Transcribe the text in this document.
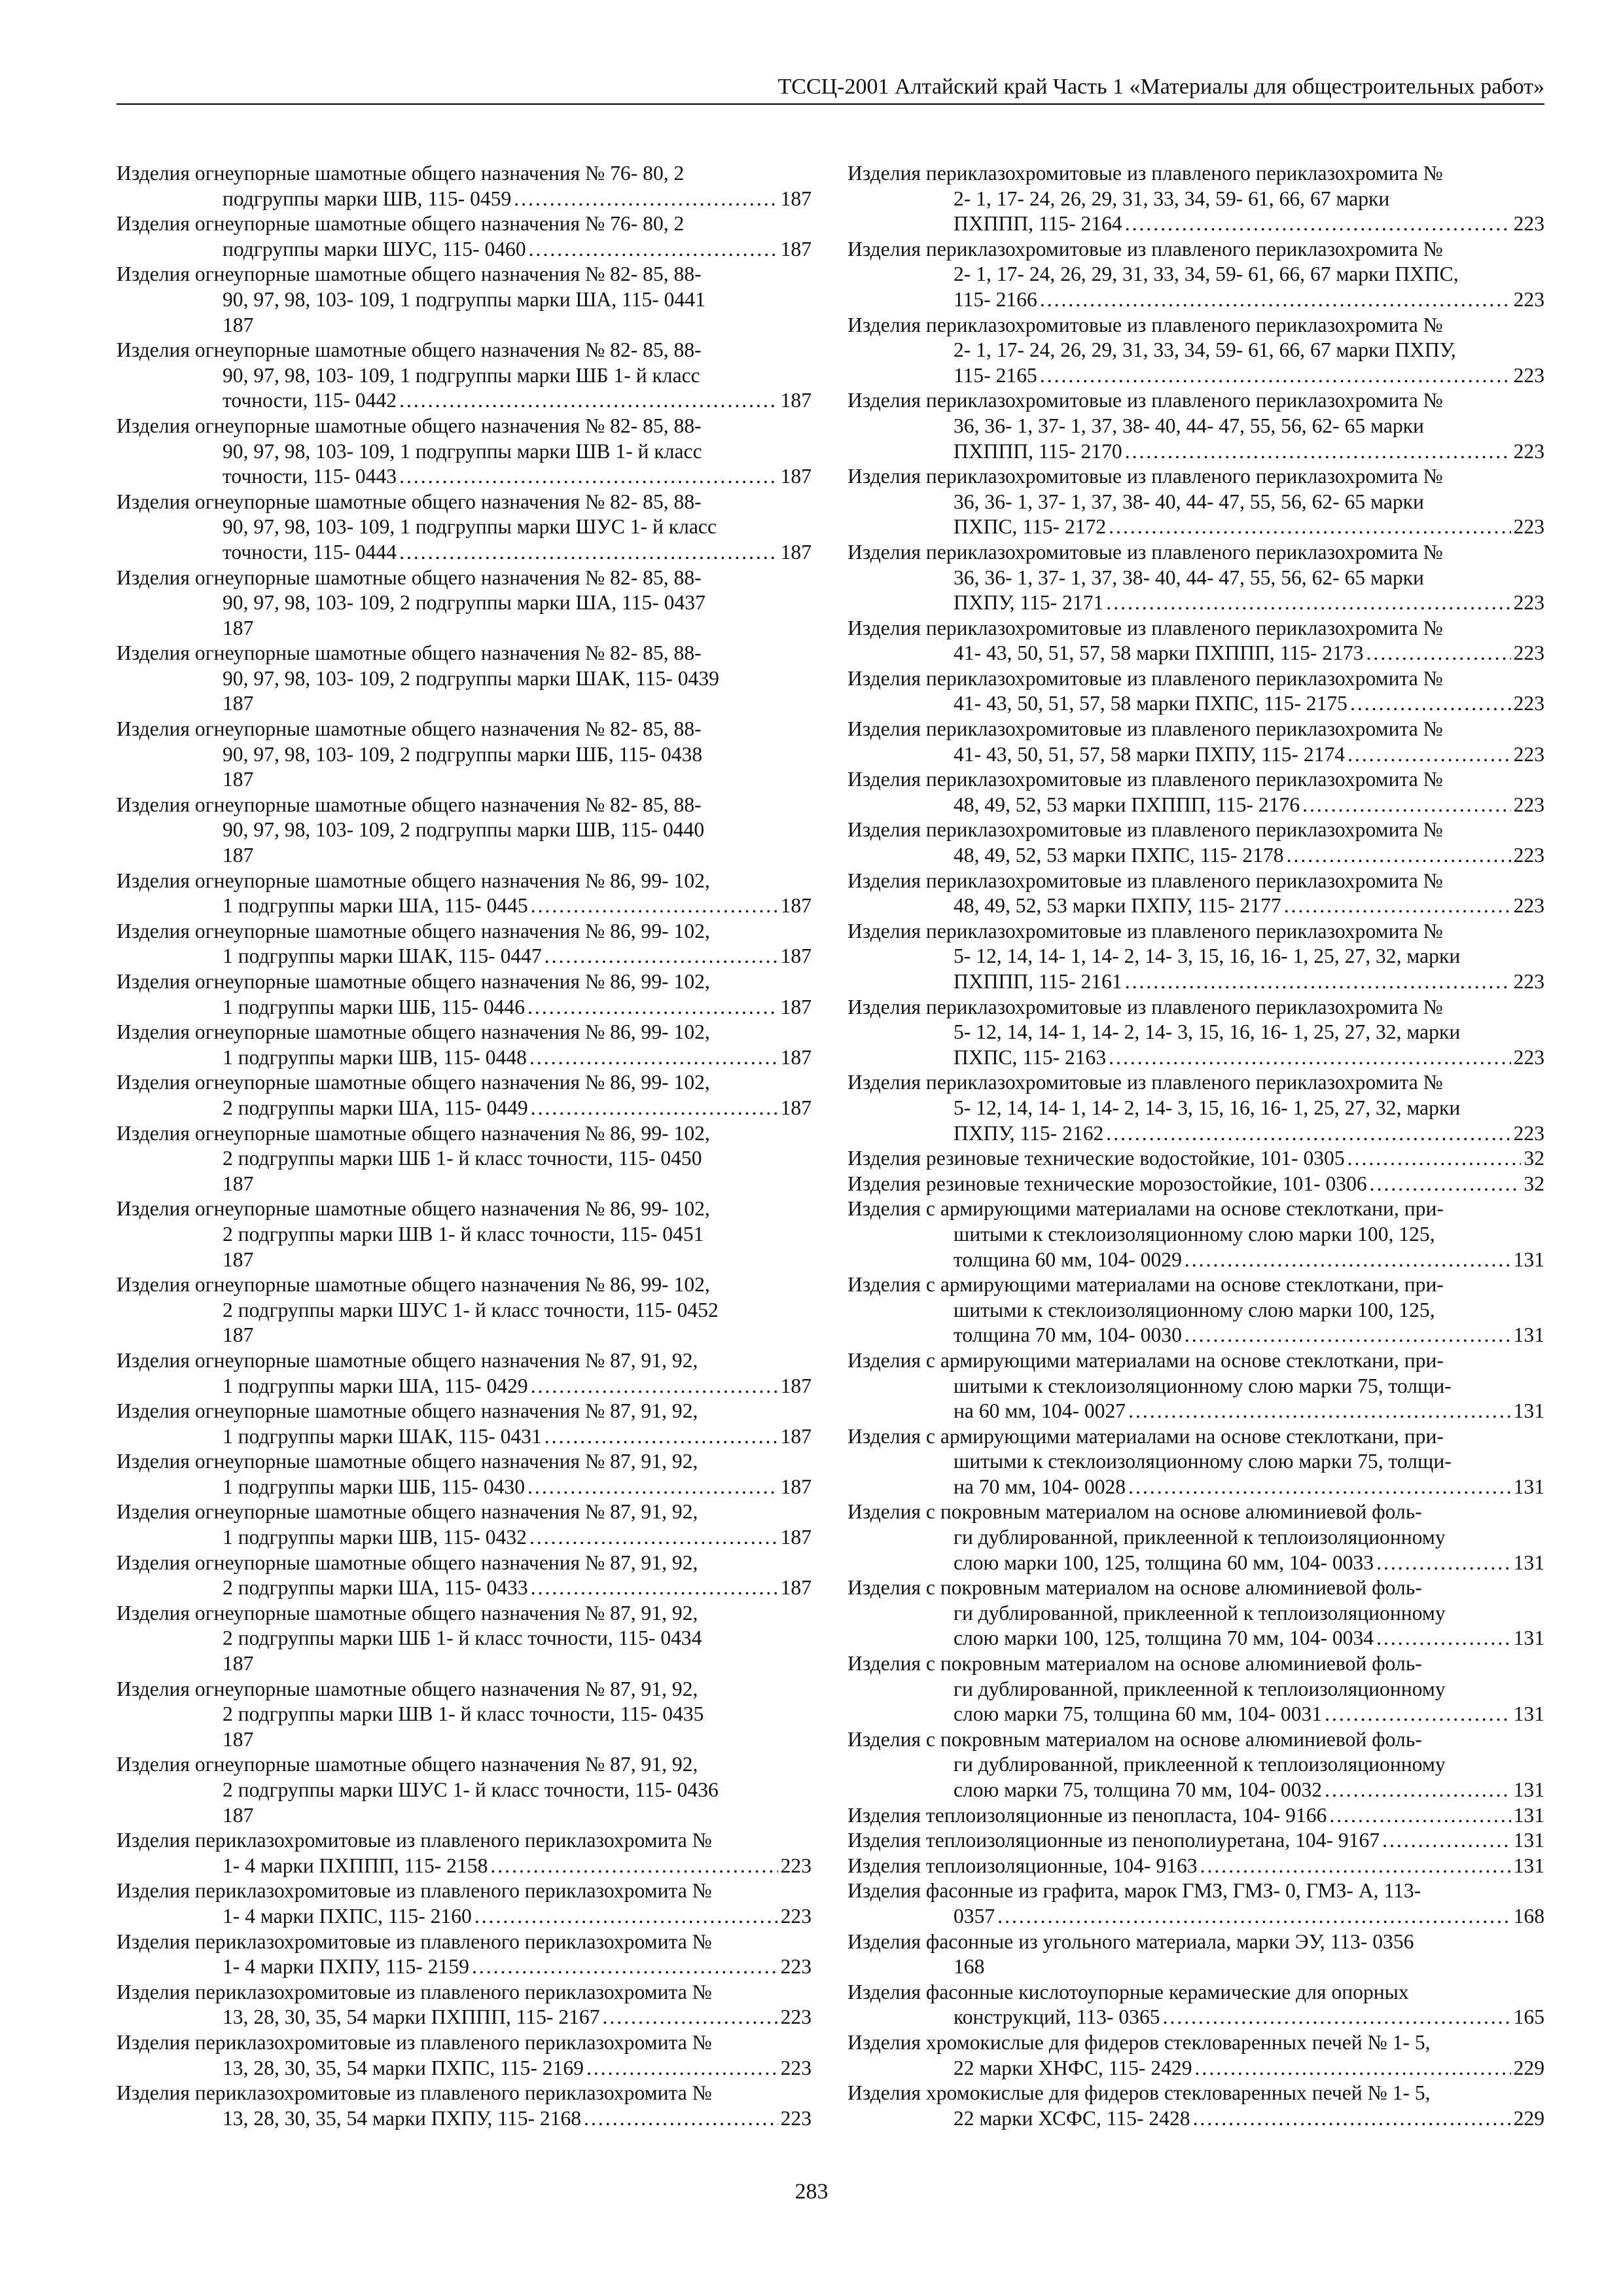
ТССЦ-2001 Алтайский край Часть 1 «Материалы для общестроительных работ»
Изделия огнеупорные шамотные общего назначения № 76- 80, 2
подгруппы марки ШВ, 115- 0459 .....	187
Изделия огнеупорные шамотные общего назначения № 76- 80, 2
подгруппы марки ШУС, 115- 0460 .....	187
Изделия огнеупорные шамотные общего назначения № 82- 85, 88-
90, 97, 98, 103- 109, 1 подгруппы марки ША, 115- 0441
187
Изделия огнеупорные шамотные общего назначения № 82- 85, 88-
90, 97, 98, 103- 109, 1 подгруппы марки ШБ 1- й класс
точности, 115- 0442 .....	187
Изделия огнеупорные шамотные общего назначения № 82- 85, 88-
90, 97, 98, 103- 109, 1 подгруппы марки ШВ 1- й класс
точности, 115- 0443 .....	187
Изделия огнеупорные шамотные общего назначения № 82- 85, 88-
90, 97, 98, 103- 109, 1 подгруппы марки ШУС 1- й класс
точности, 115- 0444 .....	187
Изделия огнеупорные шамотные общего назначения № 82- 85, 88-
90, 97, 98, 103- 109, 2 подгруппы марки ША, 115- 0437
187
Изделия огнеупорные шамотные общего назначения № 82- 85, 88-
90, 97, 98, 103- 109, 2 подгруппы марки ШАК, 115- 0439
187
Изделия огнеупорные шамотные общего назначения № 82- 85, 88-
90, 97, 98, 103- 109, 2 подгруппы марки ШБ, 115- 0438
187
Изделия огнеупорные шамотные общего назначения № 82- 85, 88-
90, 97, 98, 103- 109, 2 подгруппы марки ШВ, 115- 0440
187
Изделия огнеупорные шамотные общего назначения № 86, 99- 102,
1 подгруппы марки ША, 115- 0445 .....	187
Изделия огнеупорные шамотные общего назначения № 86, 99- 102,
1 подгруппы марки ШАК, 115- 0447 .....	187
Изделия огнеупорные шамотные общего назначения № 86, 99- 102,
1 подгруппы марки ШБ, 115- 0446 .....	187
Изделия огнеупорные шамотные общего назначения № 86, 99- 102,
1 подгруппы марки ШВ, 115- 0448 .....	187
Изделия огнеупорные шамотные общего назначения № 86, 99- 102,
2 подгруппы марки ША, 115- 0449 .....	187
Изделия огнеупорные шамотные общего назначения № 86, 99- 102,
2 подгруппы марки ШБ 1- й класс точности, 115- 0450
187
Изделия огнеупорные шамотные общего назначения № 86, 99- 102,
2 подгруппы марки ШВ 1- й класс точности, 115- 0451
187
Изделия огнеупорные шамотные общего назначения № 86, 99- 102,
2 подгруппы марки ШУС 1- й класс точности, 115- 0452
187
Изделия огнеупорные шамотные общего назначения № 87, 91, 92,
1 подгруппы марки ША, 115- 0429 .....	187
Изделия огнеупорные шамотные общего назначения № 87, 91, 92,
1 подгруппы марки ШАК, 115- 0431 .....	187
Изделия огнеупорные шамотные общего назначения № 87, 91, 92,
1 подгруппы марки ШБ, 115- 0430 .....	187
Изделия огнеупорные шамотные общего назначения № 87, 91, 92,
1 подгруппы марки ШВ, 115- 0432 .....	187
Изделия огнеупорные шамотные общего назначения № 87, 91, 92,
2 подгруппы марки ША, 115- 0433 .....	187
Изделия огнеупорные шамотные общего назначения № 87, 91, 92,
2 подгруппы марки ШБ 1- й класс точности, 115- 0434
187
Изделия огнеупорные шамотные общего назначения № 87, 91, 92,
2 подгруппы марки ШВ 1- й класс точности, 115- 0435
187
Изделия огнеупорные шамотные общего назначения № 87, 91, 92,
2 подгруппы марки ШУС 1- й класс точности, 115- 0436
187
Изделия периклазохромитовые из плавленого периклазохромита №
1- 4 марки ПХППП, 115- 2158 .....	223
Изделия периклазохромитовые из плавленого периклазохромита №
1- 4 марки ПХПС, 115- 2160 .....	223
Изделия периклазохромитовые из плавленого периклазохромита №
1- 4 марки ПХПУ, 115- 2159 .....	223
Изделия периклазохромитовые из плавленого периклазохромита №
13, 28, 30, 35, 54 марки ПХППП, 115- 2167 .....	223
Изделия периклазохромитовые из плавленого периклазохромита №
13, 28, 30, 35, 54 марки ПХПС, 115- 2169 .....	223
Изделия периклазохромитовые из плавленого периклазохромита №
13, 28, 30, 35, 54 марки ПХПУ, 115- 2168 .....	223
Изделия периклазохромитовые из плавленого периклазохромита №
2- 1, 17- 24, 26, 29, 31, 33, 34, 59- 61, 66, 67 марки
ПХППП, 115- 2164 .....	223
Изделия периклазохромитовые из плавленого периклазохромита №
2- 1, 17- 24, 26, 29, 31, 33, 34, 59- 61, 66, 67 марки ПХПС,
115- 2166 .....	223
Изделия периклазохромитовые из плавленого периклазохромита №
2- 1, 17- 24, 26, 29, 31, 33, 34, 59- 61, 66, 67 марки ПХПУ,
115- 2165 .....	223
Изделия периклазохромитовые из плавленого периклазохромита №
36, 36- 1, 37- 1, 37, 38- 40, 44- 47, 55, 56, 62- 65 марки
ПХППП, 115- 2170 .....	223
Изделия периклазохромитовые из плавленого периклазохромита №
36, 36- 1, 37- 1, 37, 38- 40, 44- 47, 55, 56, 62- 65 марки
ПХПС, 115- 2172 .....	223
Изделия периклазохромитовые из плавленого периклазохромита №
36, 36- 1, 37- 1, 37, 38- 40, 44- 47, 55, 56, 62- 65 марки
ПХПУ, 115- 2171 .....	223
Изделия периклазохромитовые из плавленого периклазохромита №
41- 43, 50, 51, 57, 58 марки ПХППП, 115- 2173 .....	223
Изделия периклазохромитовые из плавленого периклазохромита №
41- 43, 50, 51, 57, 58 марки ПХПС, 115- 2175 .....	223
Изделия периклазохромитовые из плавленого периклазохромита №
41- 43, 50, 51, 57, 58 марки ПХПУ, 115- 2174 .....	223
Изделия периклазохромитовые из плавленого периклазохромита №
48, 49, 52, 53 марки ПХППП, 115- 2176 .....	223
Изделия периклазохромитовые из плавленого периклазохромита №
48, 49, 52, 53 марки ПХПС, 115- 2178 .....	223
Изделия периклазохромитовые из плавленого периклазохромита №
48, 49, 52, 53 марки ПХПУ, 115- 2177 .....	223
Изделия периклазохромитовые из плавленого периклазохромита №
5- 12, 14, 14- 1, 14- 2, 14- 3, 15, 16, 16- 1, 25, 27, 32, марки
ПХППП, 115- 2161 .....	223
Изделия периклазохромитовые из плавленого периклазохромита №
5- 12, 14, 14- 1, 14- 2, 14- 3, 15, 16, 16- 1, 25, 27, 32, марки
ПХПС, 115- 2163 .....	223
Изделия периклазохромитовые из плавленого периклазохромита №
5- 12, 14, 14- 1, 14- 2, 14- 3, 15, 16, 16- 1, 25, 27, 32, марки
ПХПУ, 115- 2162 .....	223
Изделия резиновые технические водостойкие, 101- 0305 .....	32
Изделия резиновые технические морозостойкие, 101- 0306 .....	32
Изделия с армирующими материалами на основе стеклоткани, при-
шитыми к стеклоизоляционному слою марки 100, 125,
толщина 60 мм, 104- 0029 .....	131
Изделия с армирующими материалами на основе стеклоткани, при-
шитыми к стеклоизоляционному слою марки 100, 125,
толщина 70 мм, 104- 0030 .....	131
Изделия с армирующими материалами на основе стеклоткани, при-
шитыми к стеклоизоляционному слою марки 75, толщи-
на 60 мм, 104- 0027 .....	131
Изделия с армирующими материалами на основе стеклоткани, при-
шитыми к стеклоизоляционному слою марки 75, толщи-
на 70 мм, 104- 0028 .....	131
Изделия с покровным материалом на основе алюминиевой фоль-
ги дублированной, приклеенной к теплоизоляционному
слою марки 100, 125, толщина 60 мм, 104- 0033 .....	131
Изделия с покровным материалом на основе алюминиевой фоль-
ги дублированной, приклеенной к теплоизоляционному
слою марки 100, 125, толщина 70 мм, 104- 0034 .....	131
Изделия с покровным материалом на основе алюминиевой фоль-
ги дублированной, приклеенной к теплоизоляционному
слою марки 75, толщина 60 мм, 104- 0031 .....	131
Изделия с покровным материалом на основе алюминиевой фоль-
ги дублированной, приклеенной к теплоизоляционному
слою марки 75, толщина 70 мм, 104- 0032 .....	131
Изделия теплоизоляционные из пенопласта, 104- 9166 .....	131
Изделия теплоизоляционные из пенополиуретана, 104- 9167 .....	131
Изделия теплоизоляционные, 104- 9163 .....	131
Изделия фасонные из графита, марок ГМЗ, ГМЗ- 0, ГМЗ- А, 113-
0357 .....	168
Изделия фасонные из угольного материала, марки ЭУ, 113- 0356
168
Изделия фасонные кислотоупорные керамические для опорных
конструкций, 113- 0365 .....	165
Изделия хромокислые для фидеров стекловаренных печей № 1- 5,
22 марки ХНФС, 115- 2429 .....	229
Изделия хромокислые для фидеров стекловаренных печей № 1- 5,
22 марки ХСФС, 115- 2428 .....	229
283
